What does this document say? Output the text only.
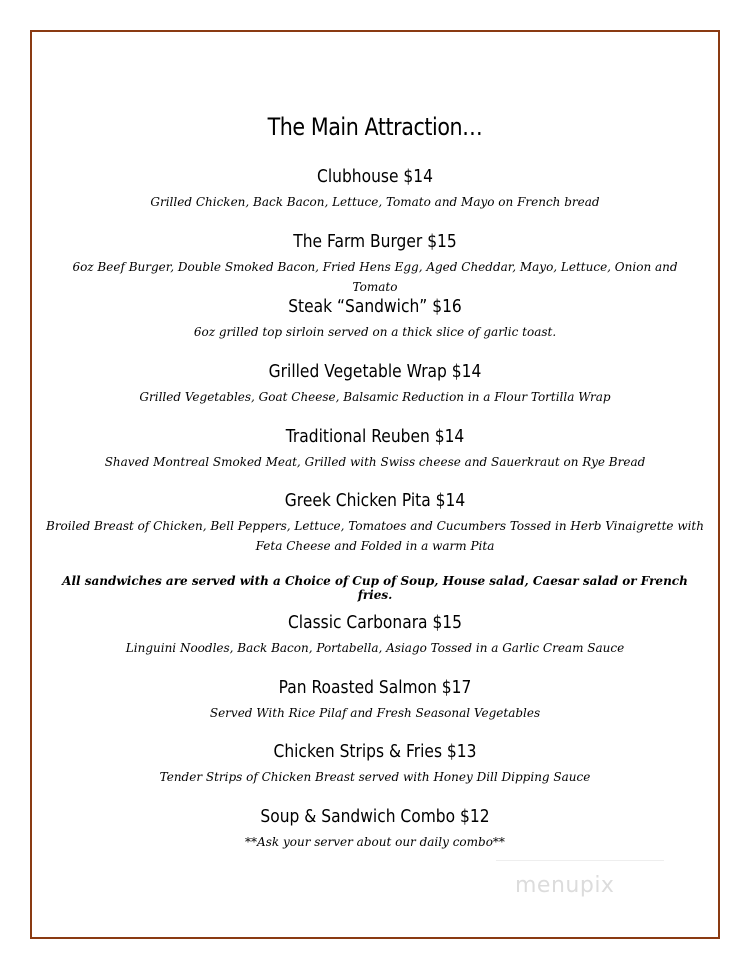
The Main Attraction…
Clubhouse $14
Grilled Chicken, Back Bacon, Lettuce, Tomato and Mayo on French bread
The Farm Burger $15
6oz Beef Burger, Double Smoked Bacon, Fried Hens Egg, Aged Cheddar, Mayo, Lettuce, Onion and Tomato
Steak “Sandwich” $16
6oz grilled top sirloin served on a thick slice of garlic toast.
Grilled Vegetable Wrap $14
Grilled Vegetables, Goat Cheese, Balsamic Reduction in a Flour Tortilla Wrap
Traditional Reuben $14
Shaved Montreal Smoked Meat, Grilled with Swiss cheese and Sauerkraut on Rye Bread
Greek Chicken Pita $14
Broiled Breast of Chicken, Bell Peppers, Lettuce, Tomatoes and Cucumbers Tossed in Herb Vinaigrette with Feta Cheese and Folded in a warm Pita
All sandwiches are served with a Choice of Cup of Soup, House salad, Caesar salad or French fries.
Classic Carbonara $15
Linguini Noodles, Back Bacon, Portabella, Asiago Tossed in a Garlic Cream Sauce
Pan Roasted Salmon $17
Served With Rice Pilaf and Fresh Seasonal Vegetables
Chicken Strips & Fries $13
Tender Strips of Chicken Breast served with Honey Dill Dipping Sauce
Soup & Sandwich Combo $12
**Ask your server about our daily combo**
menupix
